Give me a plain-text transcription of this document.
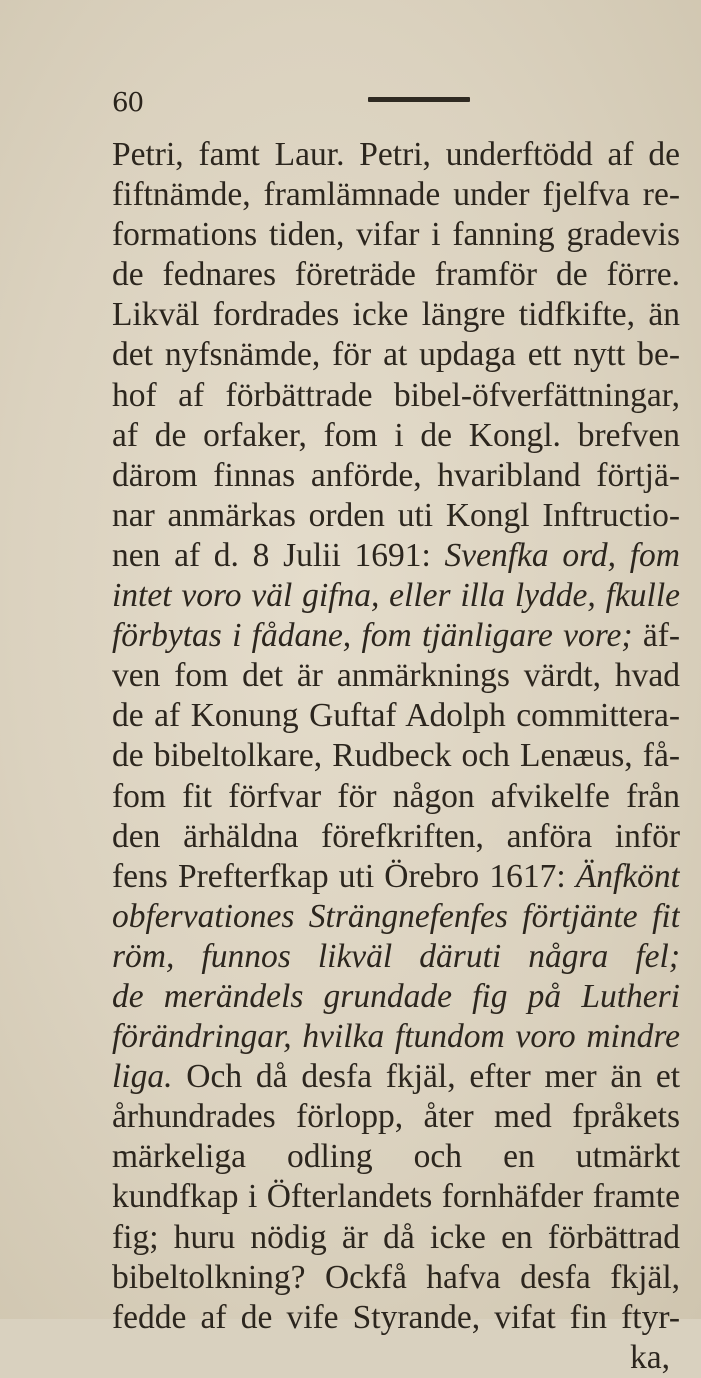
60
Petri, famt Laur. Petri, underftödd af de
fiftnämde, framlämnade under fjelfva re-
formations tiden, vifar i fanning gradevis
de fednares företräde framför de förre.
Likväl fordrades icke längre tidfkifte, än
det nyfsnämde, för at updaga ett nytt be-
hof af förbättrade bibel-öfverfättningar,
af de orfaker, fom i de Kongl. brefven
därom finnas anförde, hvaribland förtjä-
nar anmärkas orden uti Kongl Inftructio-
nen af d. 8 Julii 1691: Svenfka ord, fom
intet voro väl gifna, eller illa lydde, fkulle
förbytas i fådane, fom tjänligare vore; äf-
ven fom det är anmärknings värdt, hvad
de af Konung Guftaf Adolph committera-
de bibeltolkare, Rudbeck och Lenæus, få-
fom fit förfvar för någon afvikelfe från
den ärhäldna förefkriften, anföra inför
fens Prefterfkap uti Örebro 1617: Änfkönt
obfervationes Strängnefenfes förtjänte fit
röm, funnos likväl däruti några fel;
de merändels grundade fig på Lutheri
förändringar, hvilka ftundom voro mindre
liga. Och då desfa fkjäl, efter mer än et
århundrades förlopp, åter med fpråkets
märkeliga odling och en utmärkt
kundfkap i Öfterlandets fornhäfder framte
fig; huru nödig är då icke en förbättrad
bibeltolkning? Ockfå hafva desfa fkjäl,
fedde af de vife Styrande, vifat fin ftyr-
ka,
